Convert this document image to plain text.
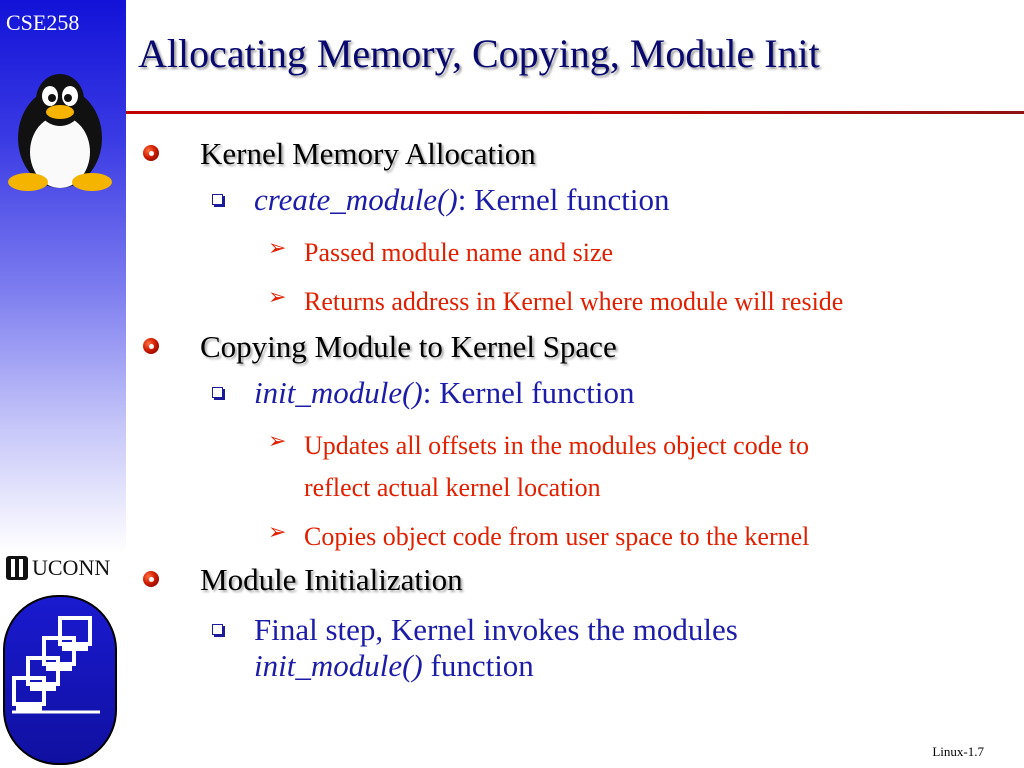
CSE258
UCONN
Allocating Memory, Copying, Module Init
Kernel Memory Allocation
create_module(): Kernel function
➢ Passed module name and size
➢ Returns address in Kernel where module will reside
Copying Module to Kernel Space
init_module(): Kernel function
➢ Updates all offsets in the modules object code to
reflect actual kernel location
➢ Copies object code from user space to the kernel
Module Initialization
Final step, Kernel invokes the modules
init_module() function
Linux-1.7
